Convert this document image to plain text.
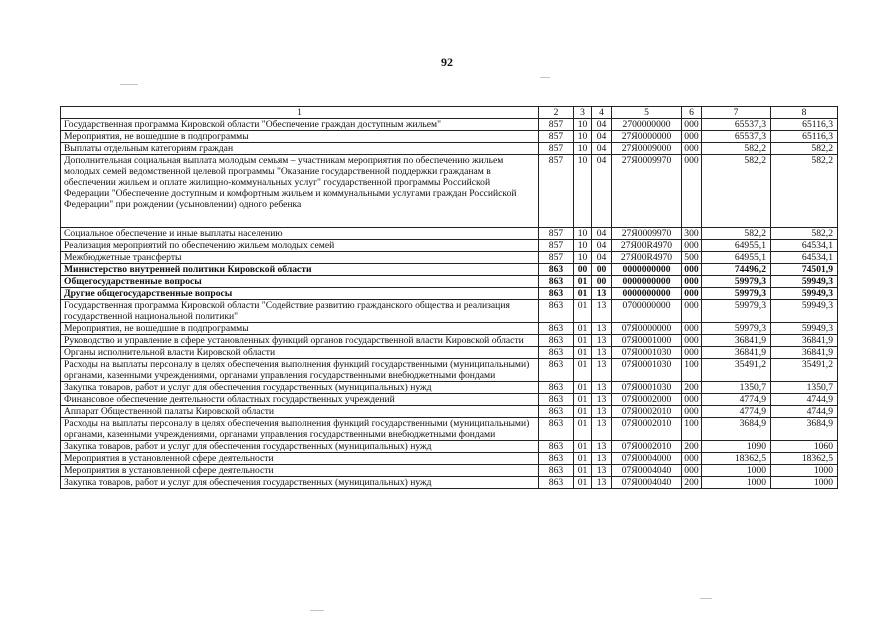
92
1	2	3	4	5	6	7	8
Государственная программа Кировской области "Обеспечение граждан доступным жильем"	857	10	04	2700000000	000	65537,3	65116,3
Мероприятия, не вошедшие в подпрограммы	857	10	04	27Я0000000	000	65537,3	65116,3
Выплаты отдельным категориям граждан	857	10	04	27Я0009000	000	582,2	582,2
Дополнительная социальная выплата молодым семьям – участникам мероприятия по обеспечению жильем молодых семей ведомственной целевой программы "Оказание государственной поддержки гражданам в обеспечении жильем и оплате жилищно-коммунальных услуг" государственной программы Российской Федерации "Обеспечение доступным и комфортным жильем и коммунальными услугами граждан Российской Федерации" при рождении (усыновлении) одного ребенка	857	10	04	27Я0009970	000	582,2	582,2
Социальное обеспечение и иные выплаты населению	857	10	04	27Я0009970	300	582,2	582,2
Реализация мероприятий по обеспечению жильем молодых семей	857	10	04	27Я00R4970	000	64955,1	64534,1
Межбюджетные трансферты	857	10	04	27Я00R4970	500	64955,1	64534,1
Министерство внутренней политики Кировской области	863	00	00	0000000000	000	74496,2	74501,9
Общегосударственные вопросы	863	01	00	0000000000	000	59979,3	59949,3
Другие общегосударственные вопросы	863	01	13	0000000000	000	59979,3	59949,3
Государственная программа Кировской области "Содействие развитию гражданского общества и реализация государственной национальной политики"	863	01	13	0700000000	000	59979,3	59949,3
Мероприятия, не вошедшие в подпрограммы	863	01	13	07Я0000000	000	59979,3	59949,3
Руководство и управление в сфере установленных функций органов государственной власти Кировской области	863	01	13	07Я0001000	000	36841,9	36841,9
Органы исполнительной власти Кировской области	863	01	13	07Я0001030	000	36841,9	36841,9
Расходы на выплаты персоналу в целях обеспечения выполнения функций государственными (муниципальными) органами, казенными учреждениями, органами управления государственными внебюджетными фондами	863	01	13	07Я0001030	100	35491,2	35491,2
Закупка товаров, работ и услуг для обеспечения государственных (муниципальных) нужд	863	01	13	07Я0001030	200	1350,7	1350,7
Финансовое обеспечение деятельности областных государственных учреждений	863	01	13	07Я0002000	000	4774,9	4744,9
Аппарат Общественной палаты Кировской области	863	01	13	07Я0002010	000	4774,9	4744,9
Расходы на выплаты персоналу в целях обеспечения выполнения функций государственными (муниципальными) органами, казенными учреждениями, органами управления государственными внебюджетными фондами	863	01	13	07Я0002010	100	3684,9	3684,9
Закупка товаров, работ и услуг для обеспечения государственных (муниципальных) нужд	863	01	13	07Я0002010	200	1090	1060
Мероприятия в установленной сфере деятельности	863	01	13	07Я0004000	000	18362,5	18362,5
Мероприятия в установленной сфере деятельности	863	01	13	07Я0004040	000	1000	1000
Закупка товаров, работ и услуг для обеспечения государственных (муниципальных) нужд	863	01	13	07Я0004040	200	1000	1000
